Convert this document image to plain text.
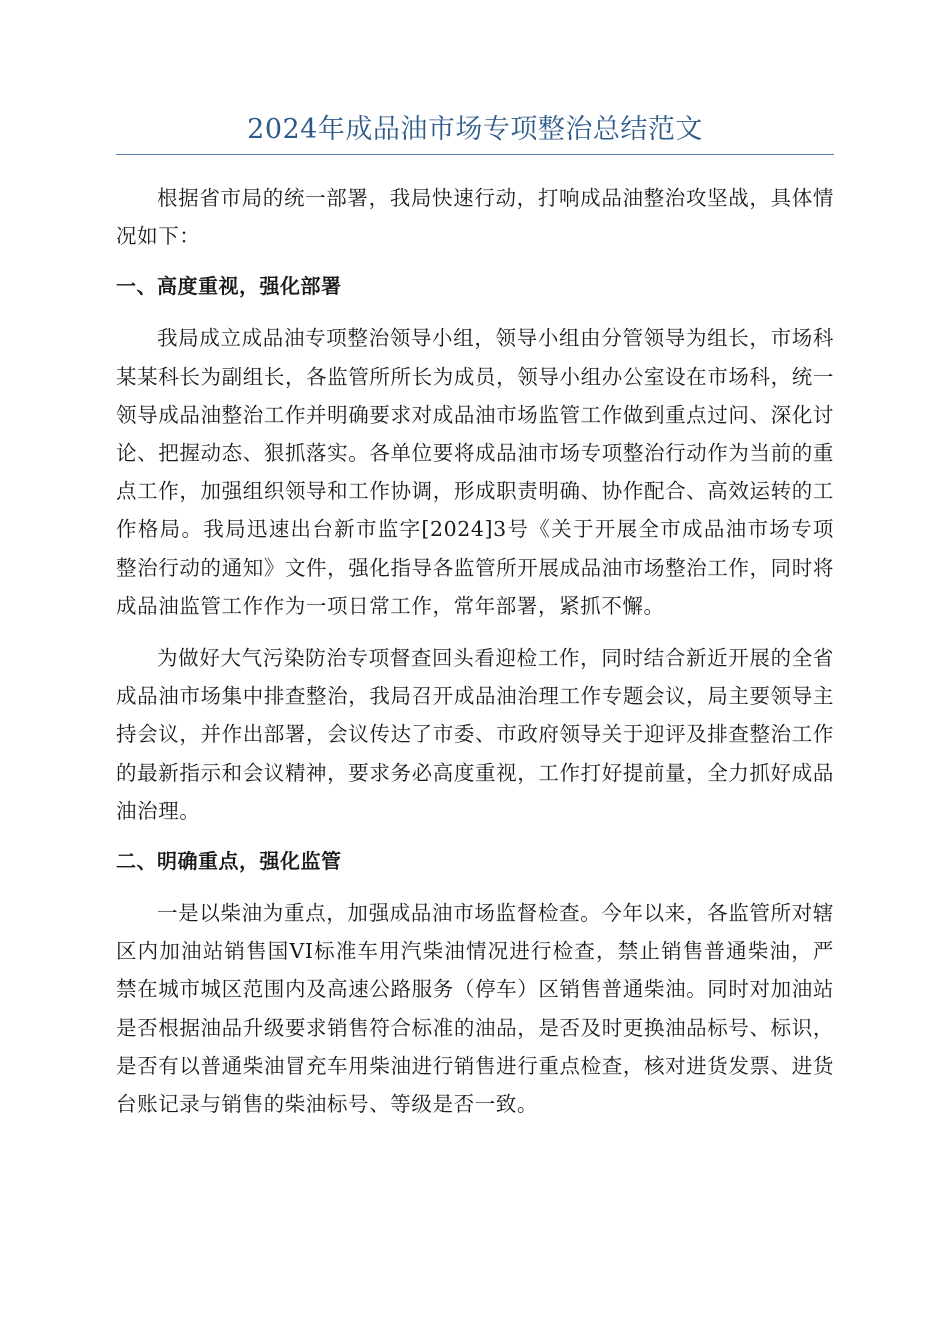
2024年成品油市场专项整治总结范文

根据省市局的统一部署，我局快速行动，打响成品油整治攻坚战，具体情况如下：

一、高度重视，强化部署

我局成立成品油专项整治领导小组，领导小组由分管领导为组长，市场科某某科长为副组长，各监管所所长为成员，领导小组办公室设在市场科，统一领导成品油整治工作并明确要求对成品油市场监管工作做到重点过问、深化讨论、把握动态、狠抓落实。各单位要将成品油市场专项整治行动作为当前的重点工作，加强组织领导和工作协调，形成职责明确、协作配合、高效运转的工作格局。我局迅速出台新市监字[2024]3号《关于开展全市成品油市场专项整治行动的通知》文件，强化指导各监管所开展成品油市场整治工作，同时将成品油监管工作作为一项日常工作，常年部署，紧抓不懈。

为做好大气污染防治专项督查回头看迎检工作，同时结合新近开展的全省成品油市场集中排查整治，我局召开成品油治理工作专题会议，局主要领导主持会议，并作出部署，会议传达了市委、市政府领导关于迎评及排查整治工作的最新指示和会议精神，要求务必高度重视，工作打好提前量，全力抓好成品油治理。

二、明确重点，强化监管

一是以柴油为重点，加强成品油市场监督检查。今年以来，各监管所对辖区内加油站销售国VI标准车用汽柴油情况进行检查，禁止销售普通柴油，严禁在城市城区范围内及高速公路服务（停车）区销售普通柴油。同时对加油站是否根据油品升级要求销售符合标准的油品，是否及时更换油品标号、标识，是否有以普通柴油冒充车用柴油进行销售进行重点检查，核对进货发票、进货台账记录与销售的柴油标号、等级是否一致。
